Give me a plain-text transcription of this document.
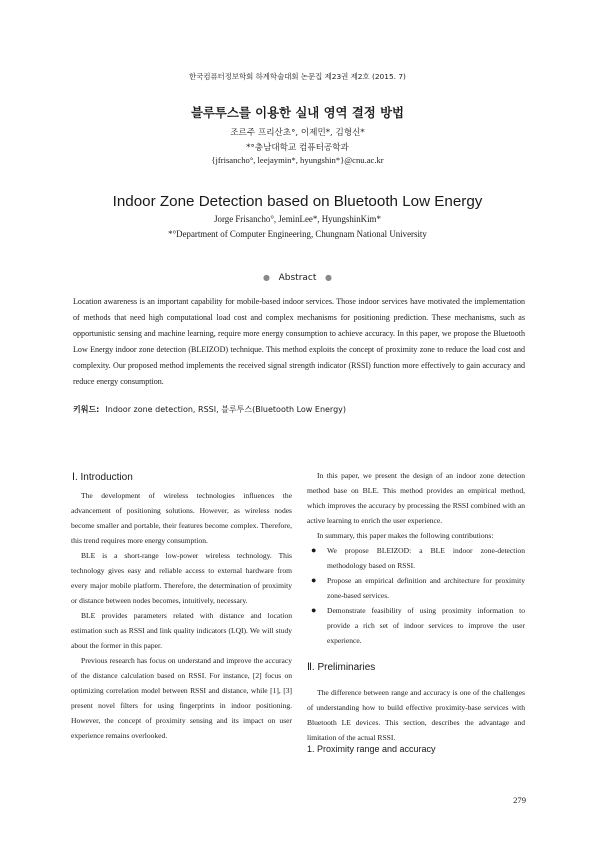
한국컴퓨터정보학회 하계학술대회 논문집 제23권 제2호 (2015. 7)
블루투스를 이용한 실내 영역 결정 방법
조르주 프리산초°, 이제민*, 김형신*
*°충남대학교 컴퓨터공학과
{jfrisancho°, leejaymin*, hyungshin*}@cnu.ac.kr
Indoor Zone Detection based on Bluetooth Low Energy
Jorge Frisancho°, JeminLee*, HyungshinKim*
*°Department of Computer Engineering, Chungnam National University
● Abstract ●
Location awareness is an important capability for mobile-based indoor services. Those indoor services have motivated the implementation of methods that need high computational load cost and complex mechanisms for positioning prediction. These mechanisms, such as opportunistic sensing and machine learning, require more energy consumption to achieve accuracy. In this paper, we propose the Bluetooth Low Energy indoor zone detection (BLEIZOD) technique. This method exploits the concept of proximity zone to reduce the load cost and complexity. Our proposed method implements the received signal strength indicator (RSSI) function more effectively to gain accuracy and reduce energy consumption.
키워드: Indoor zone detection, RSSI, 블루투스(Bluetooth Low Energy)
Ⅰ. Introduction

The development of wireless technologies influences the advancement of positioning solutions. However, as wireless nodes become smaller and portable, their features become complex. Therefore, this trend requires more energy consumption.

BLE is a short-range low-power wireless technology. This technology gives easy and reliable access to external hardware from every major mobile platform. Therefore, the determination of proximity or distance between nodes becomes, intuitively, necessary.

BLE provides parameters related with distance and location estimation such as RSSI and link quality indicators (LQI). We will study about the former in this paper.

Previous research has focus on understand and improve the accuracy of the distance calculation based on RSSI. For instance, [2] focus on optimizing correlation model between RSSI and distance, while [1], [3] present novel filters for using fingerprints in indoor positioning. However, the concept of proximity sensing and its impact on user experience remains overlooked.

In this paper, we present the design of an indoor zone detection method base on BLE. This method provides an empirical method, which improves the accuracy by processing the RSSI combined with an active learning to enrich the user experience.

In summary, this paper makes the following contributions:

● We propose BLEIZOD: a BLE indoor zone-detection methodology based on RSSI.
● Propose an empirical definition and architecture for proximity zone-based services.
● Demonstrate feasibility of using proximity information to provide a rich set of indoor services to improve the user experience.
Ⅱ. Preliminaries

The difference between range and accuracy is one of the challenges of understanding how to build effective proximity-base services with Bluetooth LE devices. This section, describes the advantage and limitation of the actual RSSI.

1. Proximity range and accuracy
279
